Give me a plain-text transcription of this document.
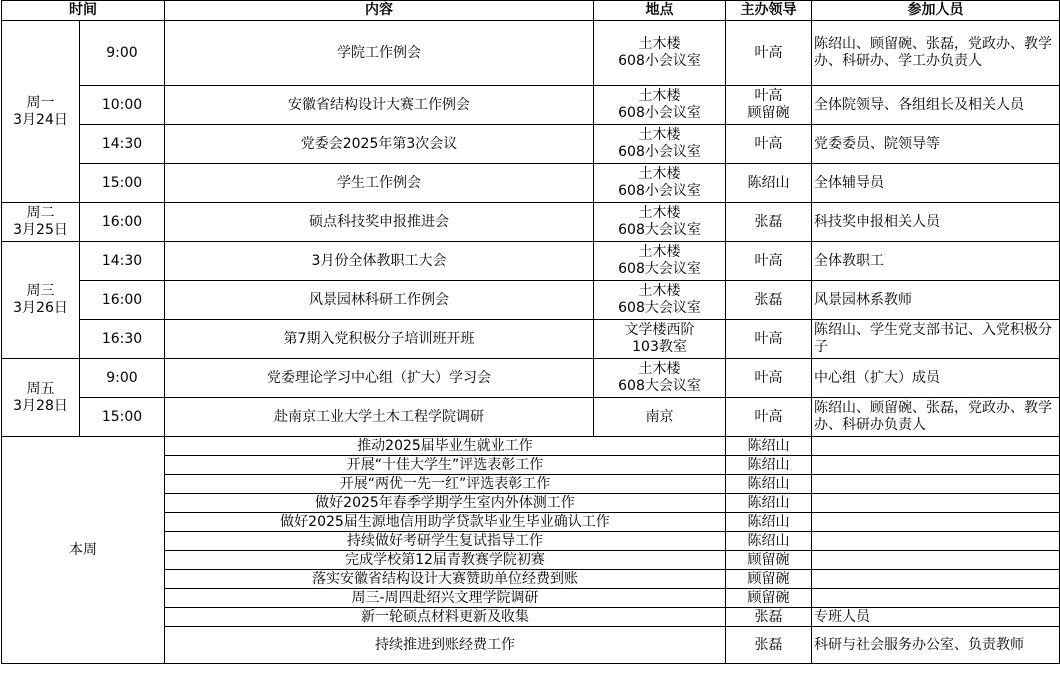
时间		内容	地点	主办领导	参加人员
周一
3月24日	9:00	学院工作例会	土木楼
608小会议室	叶高	陈绍山、顾留碗、张磊，党政办、教学办、科研办、学工办负责人
	10:00	安徽省结构设计大赛工作例会	土木楼
608小会议室	叶高
顾留碗	全体院领导、各组组长及相关人员
	14:30	党委会2025年第3次会议	土木楼
608小会议室	叶高	党委委员、院领导等
	15:00	学生工作例会	土木楼
608小会议室	陈绍山	全体辅导员
周二
3月25日	16:00	硕点科技奖申报推进会	土木楼
608大会议室	张磊	科技奖申报相关人员
周三
3月26日	14:30	3月份全体教职工大会	土木楼
608大会议室	叶高	全体教职工
	16:00	风景园林科研工作例会	土木楼
608大会议室	张磊	风景园林系教师
	16:30	第7期入党积极分子培训班开班	文学楼西阶
103教室	叶高	陈绍山、学生党支部书记、入党积极分子
周五
3月28日	9:00	党委理论学习中心组（扩大）学习会	土木楼
608大会议室	叶高	中心组（扩大）成员
	15:00	赴南京工业大学土木工程学院调研	南京	叶高	陈绍山、顾留碗、张磊，党政办、教学办、科研办负责人
本周		推动2025届毕业生就业工作		陈绍山	
		开展“十佳大学生”评选表彰工作		陈绍山	
		开展“两优一先一红”评选表彰工作		陈绍山	
		做好2025年春季学期学生室内外体测工作		陈绍山	
		做好2025届生源地信用助学贷款毕业生毕业确认工作		陈绍山	
		持续做好考研学生复试指导工作		陈绍山	
		完成学校第12届青教赛学院初赛		顾留碗	
		落实安徽省结构设计大赛赞助单位经费到账		顾留碗	
		周三-周四赴绍兴文理学院调研		顾留碗	
		新一轮硕点材料更新及收集		张磊	专班人员
		持续推进到账经费工作		张磊	科研与社会服务办公室、负责教师
